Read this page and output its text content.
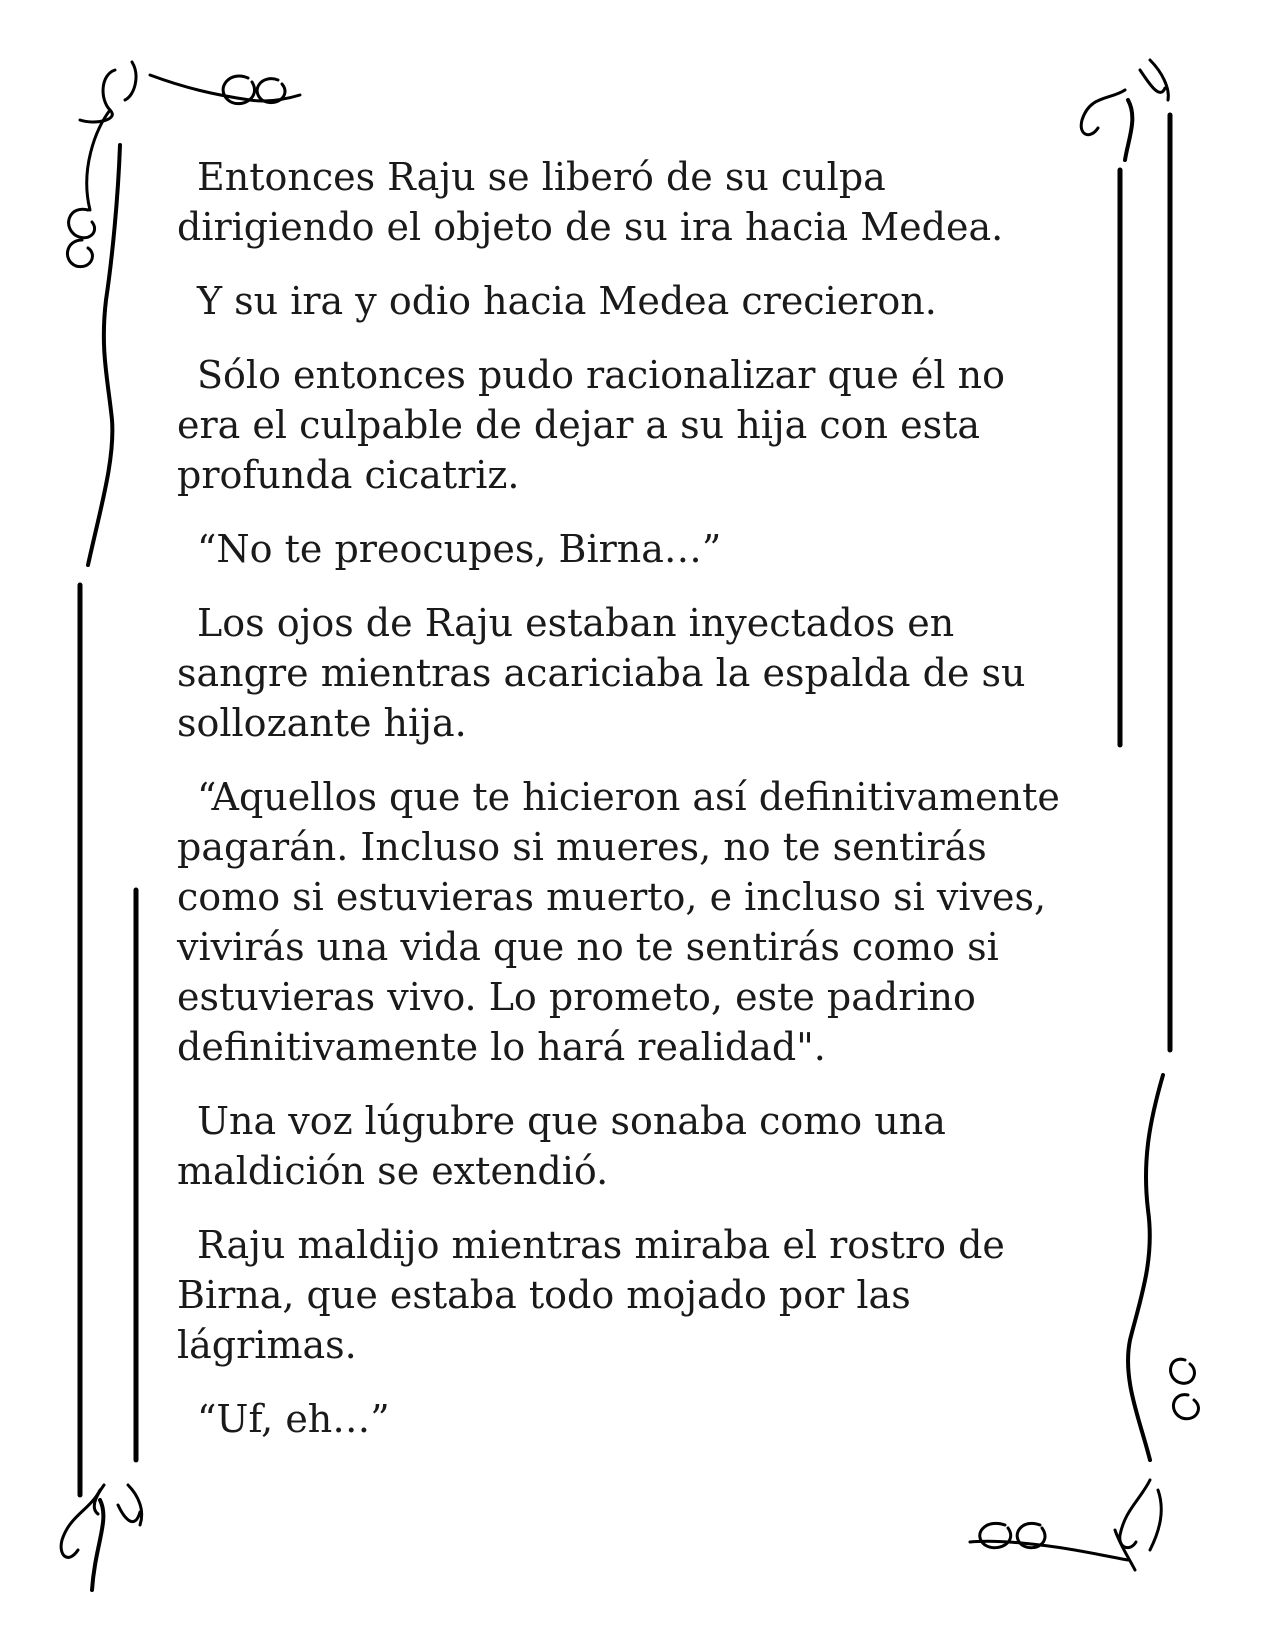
Entonces Raju se liberó de su culpa dirigiendo el objeto de su ira hacia Medea.

Y su ira y odio hacia Medea crecieron.

Sólo entonces pudo racionalizar que él no era el culpable de dejar a su hija con esta profunda cicatriz.

“No te preocupes, Birna…”

Los ojos de Raju estaban inyectados en sangre mientras acariciaba la espalda de su sollozante hija.

“Aquellos que te hicieron así definitivamente pagarán. Incluso si mueres, no te sentirás como si estuvieras muerto, e incluso si vives, vivirás una vida que no te sentirás como si estuvieras vivo. Lo prometo, este padrino definitivamente lo hará realidad".

Una voz lúgubre que sonaba como una maldición se extendió.

Raju maldijo mientras miraba el rostro de Birna, que estaba todo mojado por las lágrimas.

“Uf, eh…”
